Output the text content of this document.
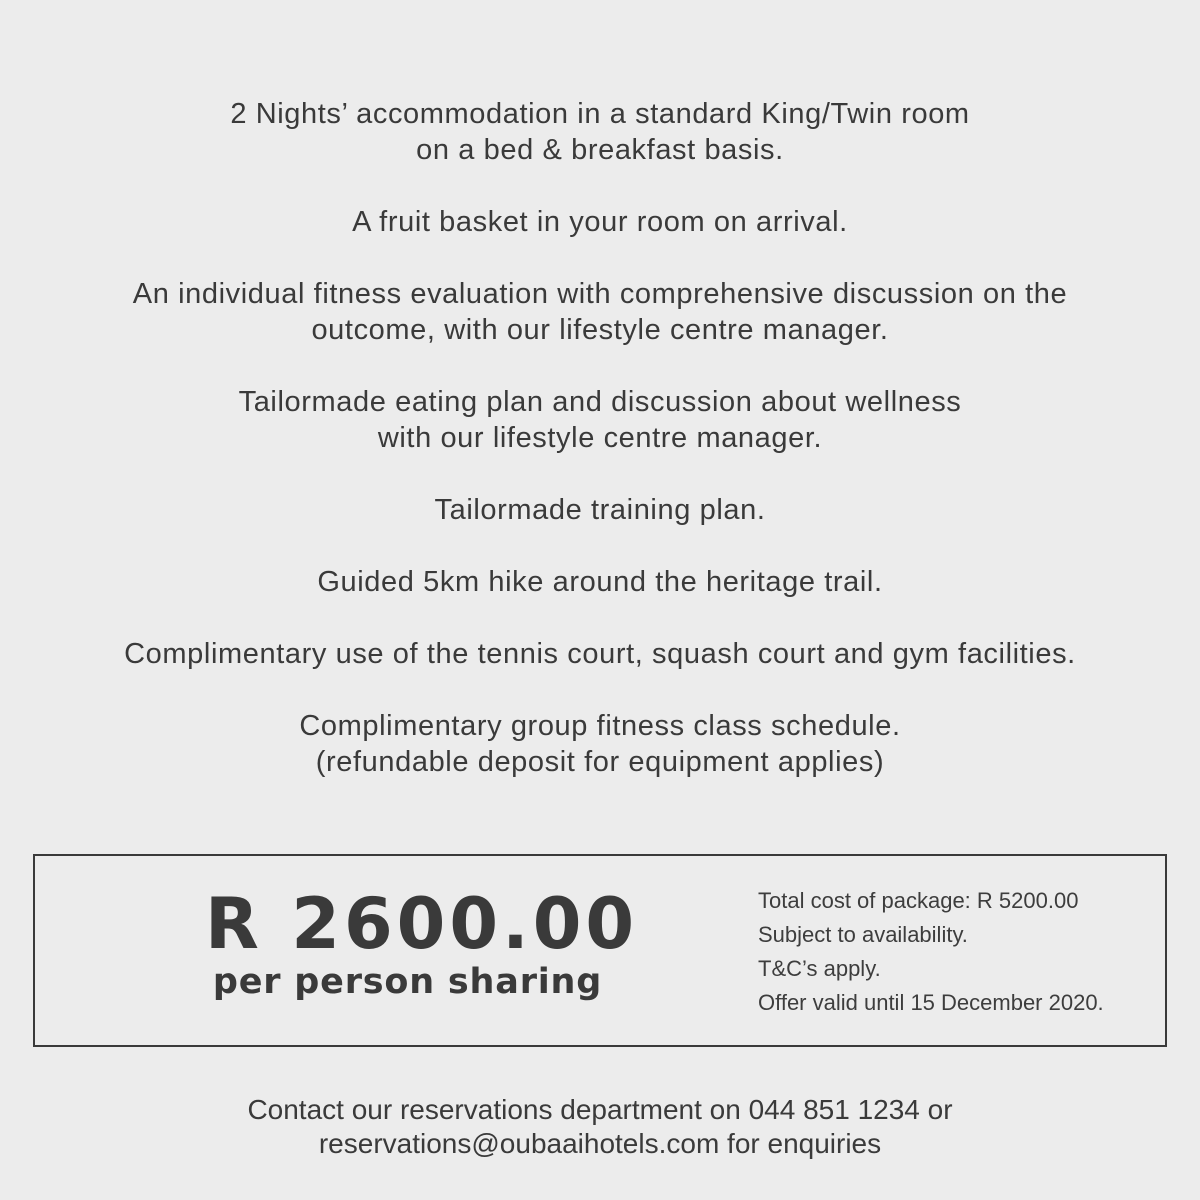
2 Nights’ accommodation in a standard King/Twin room
on a bed & breakfast basis.

A fruit basket in your room on arrival.

An individual fitness evaluation with comprehensive discussion on the
outcome, with our lifestyle centre manager.

Tailormade eating plan and discussion about wellness
with our lifestyle centre manager.

Tailormade training plan.

Guided 5km hike around the heritage trail.

Complimentary use of the tennis court, squash court and gym facilities.

Complimentary group fitness class schedule.
(refundable deposit for equipment applies)

R 2600.00
per person sharing
Total cost of package: R 5200.00
Subject to availability.
T&C’s apply.
Offer valid until 15 December 2020.
Contact our reservations department on 044 851 1234 or
reservations@oubaaihotels.com for enquiries
